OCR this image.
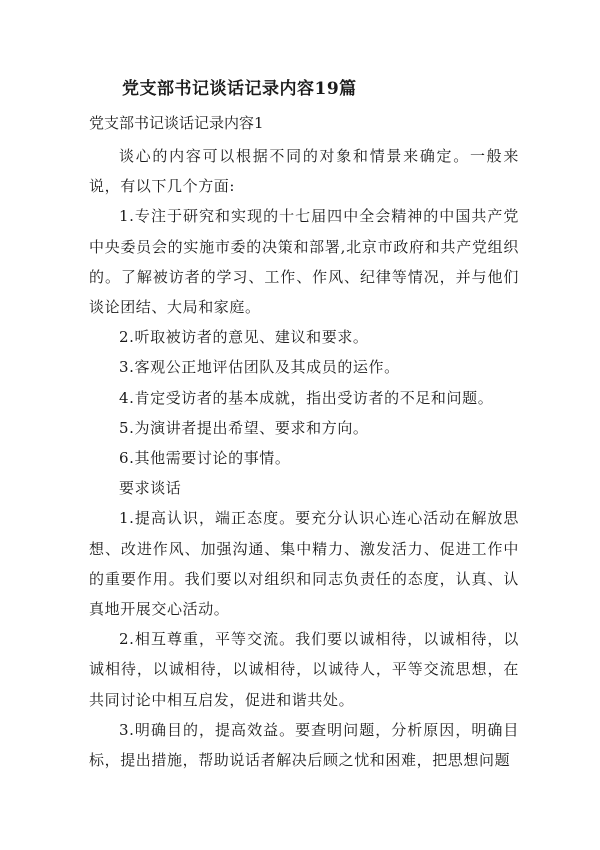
党支部书记谈话记录内容19篇
党支部书记谈话记录内容1

谈心的内容可以根据不同的对象和情景来确定。一般来说，有以下几个方面:

1.专注于研究和实现的十七届四中全会精神的中国共产党中央委员会的实施市委的决策和部署,北京市政府和共产党组织的。了解被访者的学习、工作、作风、纪律等情况，并与他们谈论团结、大局和家庭。

2.听取被访者的意见、建议和要求。

3.客观公正地评估团队及其成员的运作。

4.肯定受访者的基本成就，指出受访者的不足和问题。

5.为演讲者提出希望、要求和方向。

6.其他需要讨论的事情。

要求谈话

1.提高认识，端正态度。要充分认识心连心活动在解放思想、改进作风、加强沟通、集中精力、激发活力、促进工作中的重要作用。我们要以对组织和同志负责任的态度，认真、认真地开展交心活动。

2.相互尊重，平等交流。我们要以诚相待，以诚相待，以诚相待，以诚相待，以诚相待，以诚待人，平等交流思想，在共同讨论中相互启发，促进和谐共处。

3.明确目的，提高效益。要查明问题，分析原因，明确目标，提出措施，帮助说话者解决后顾之忧和困难，把思想问题
